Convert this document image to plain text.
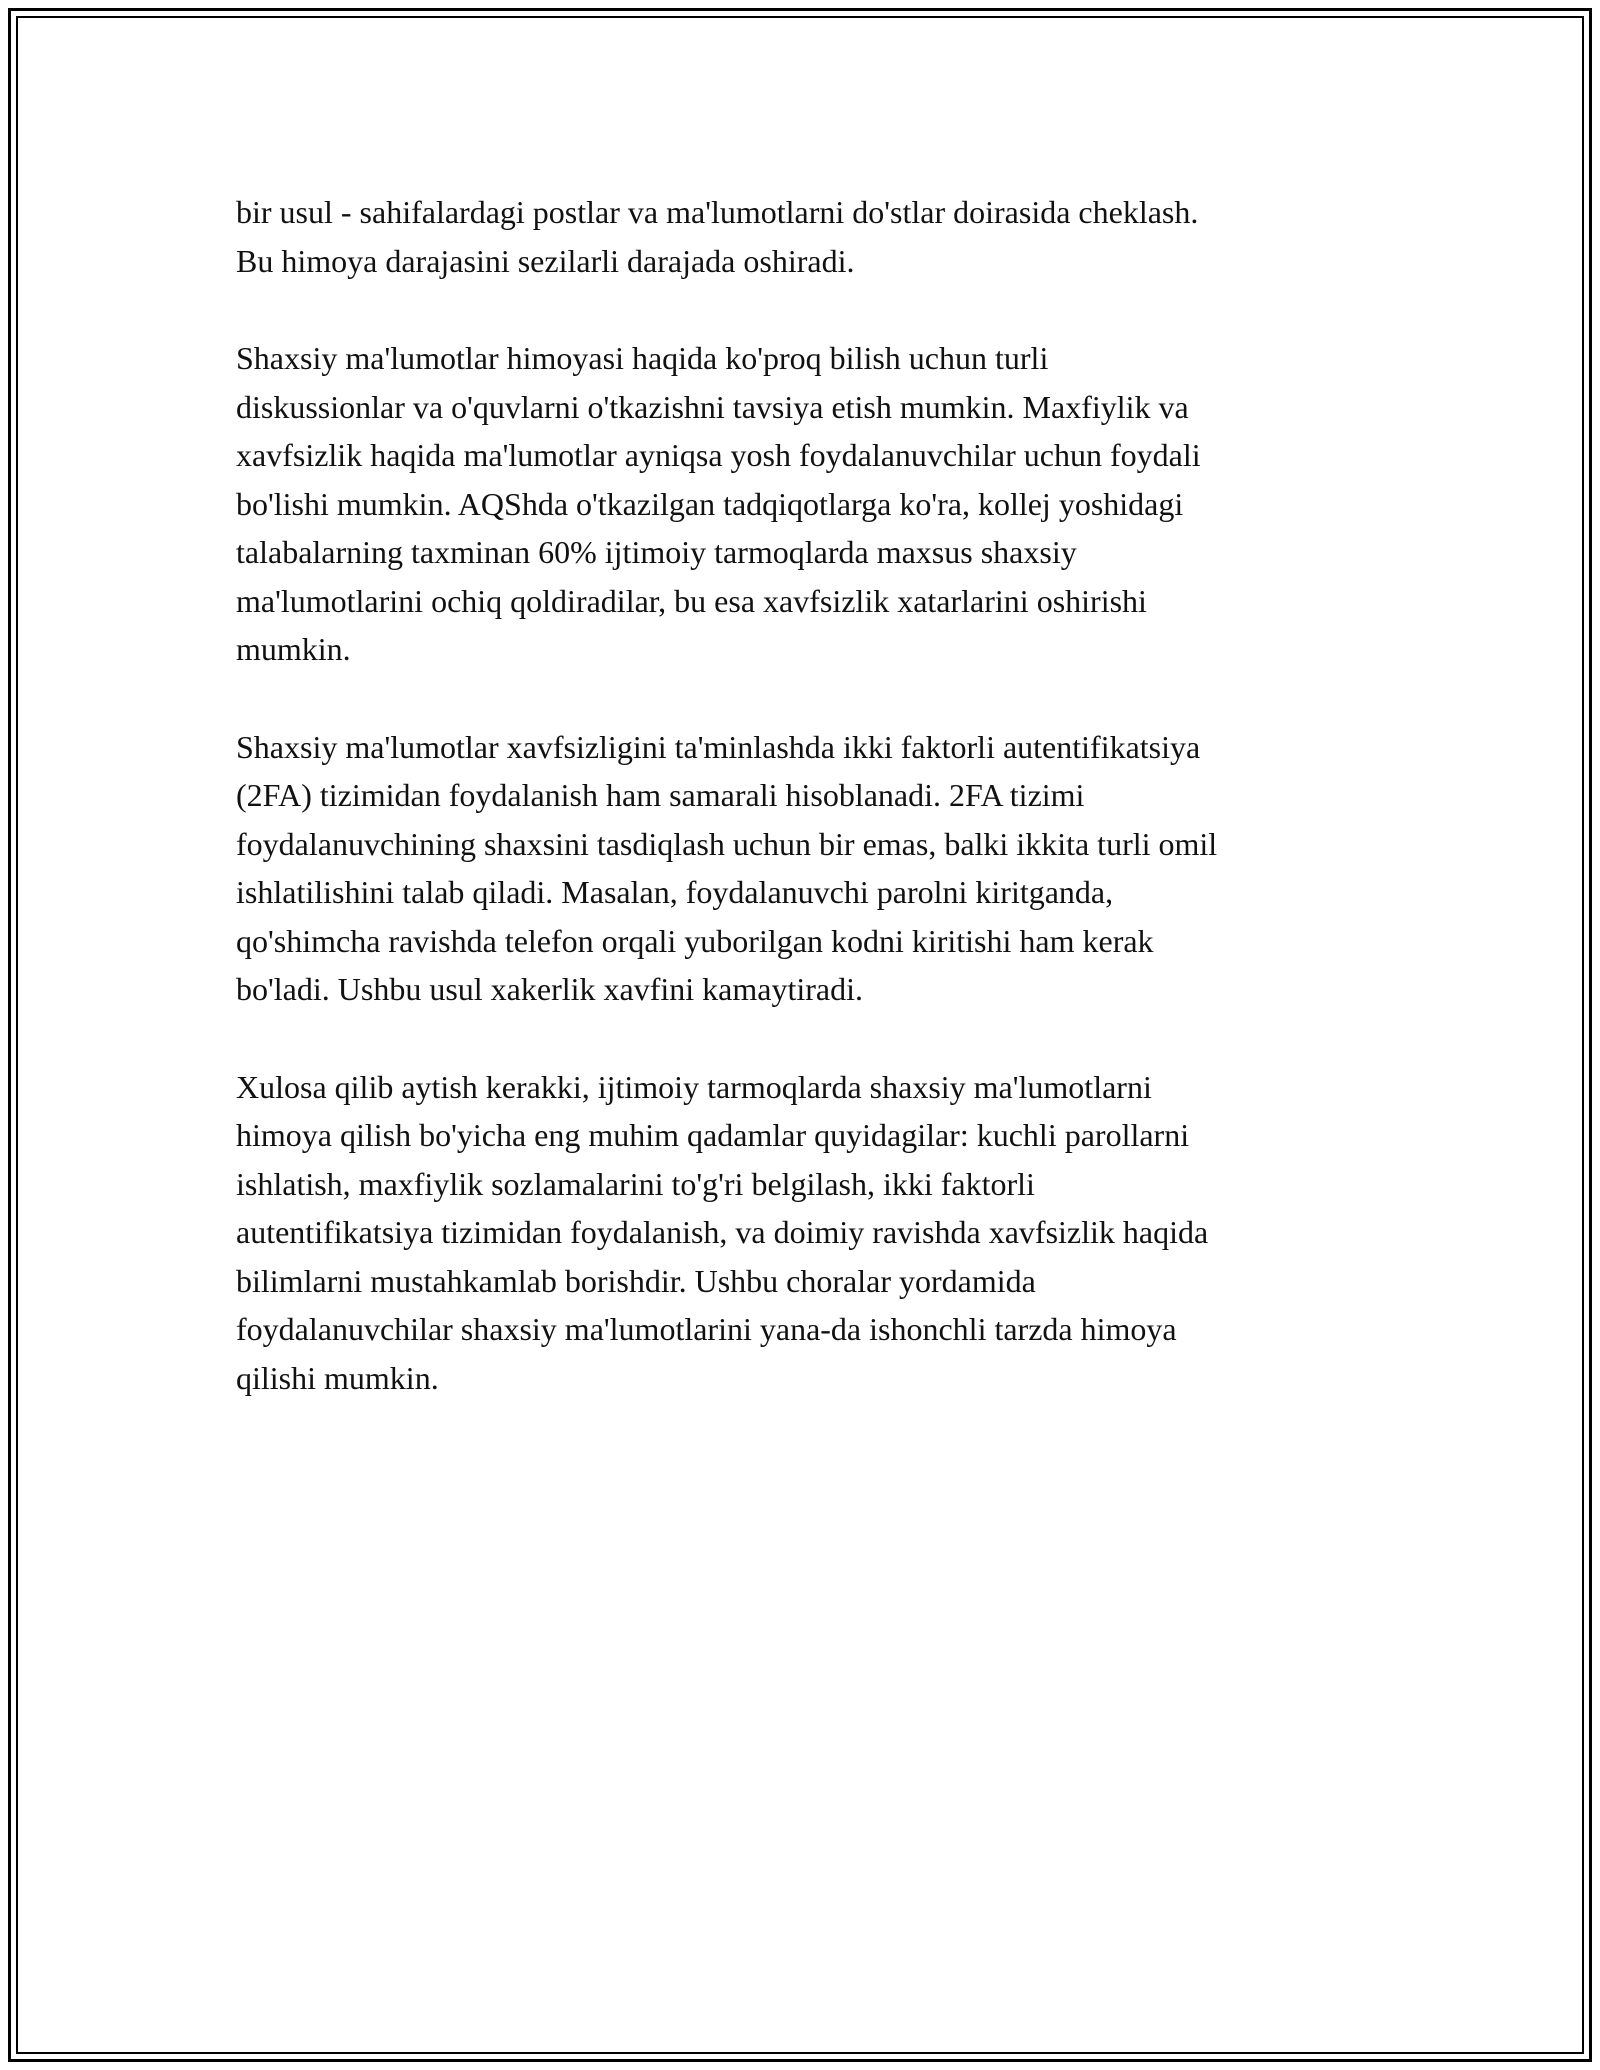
bir usul - sahifalardagi postlar va ma'lumotlarni do'stlar doirasida cheklash.
Bu himoya darajasini sezilarli darajada oshiradi.

Shaxsiy ma'lumotlar himoyasi haqida ko'proq bilish uchun turli
diskussionlar va o'quvlarni o'tkazishni tavsiya etish mumkin. Maxfiylik va
xavfsizlik haqida ma'lumotlar ayniqsa yosh foydalanuvchilar uchun foydali
bo'lishi mumkin. AQShda o'tkazilgan tadqiqotlarga ko'ra, kollej yoshidagi
talabalarning taxminan 60% ijtimoiy tarmoqlarda maxsus shaxsiy
ma'lumotlarini ochiq qoldiradilar, bu esa xavfsizlik xatarlarini oshirishi
mumkin.

Shaxsiy ma'lumotlar xavfsizligini ta'minlashda ikki faktorli autentifikatsiya
(2FA) tizimidan foydalanish ham samarali hisoblanadi. 2FA tizimi
foydalanuvchining shaxsini tasdiqlash uchun bir emas, balki ikkita turli omil
ishlatilishini talab qiladi. Masalan, foydalanuvchi parolni kiritganda,
qo'shimcha ravishda telefon orqali yuborilgan kodni kiritishi ham kerak
bo'ladi. Ushbu usul xakerlik xavfini kamaytiradi.

Xulosa qilib aytish kerakki, ijtimoiy tarmoqlarda shaxsiy ma'lumotlarni
himoya qilish bo'yicha eng muhim qadamlar quyidagilar: kuchli parollarni
ishlatish, maxfiylik sozlamalarini to'g'ri belgilash, ikki faktorli
autentifikatsiya tizimidan foydalanish, va doimiy ravishda xavfsizlik haqida
bilimlarni mustahkamlab borishdir. Ushbu choralar yordamida
foydalanuvchilar shaxsiy ma'lumotlarini yana-da ishonchli tarzda himoya
qilishi mumkin.
